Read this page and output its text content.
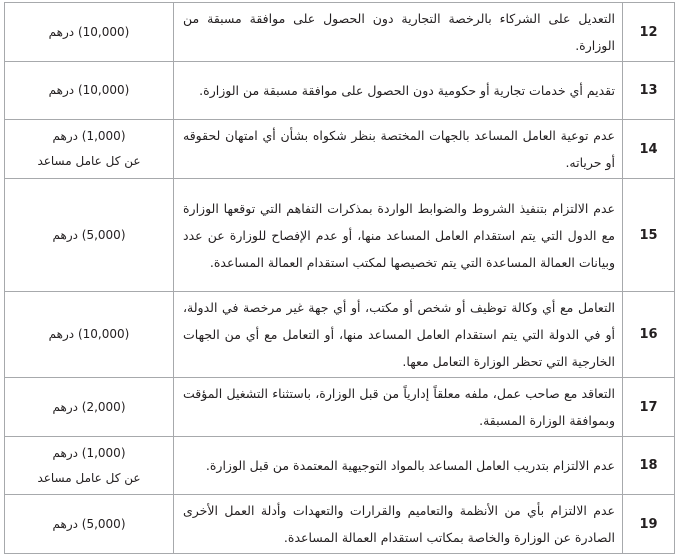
12	التعديل على الشركاء بالرخصة التجارية دون الحصول على موافقة مسبقة من الوزارة.	(10,000) درهم

13	تقديم أي خدمات تجارية أو حكومية دون الحصول على موافقة مسبقة من الوزارة.	(10,000) درهم

14	عدم توعية العامل المساعد بالجهات المختصة بنظر شكواه بشأن أي امتهان لحقوقه أو حرياته.	(1,000) درهم
عن كل عامل مساعد

15	عدم الالتزام بتنفيذ الشروط والضوابط الواردة بمذكرات التفاهم التي توقعها الوزارة مع الدول التي يتم استقدام العامل المساعد منها، أو عدم الإفصاح للوزارة عن عدد وبيانات العمالة المساعدة التي يتم تخصيصها لمكتب استقدام العمالة المساعدة.	(5,000) درهم

16	التعامل مع أي وكالة توظيف أو شخص أو مكتب، أو أي جهة غير مرخصة في الدولة، أو في الدولة التي يتم استقدام العامل المساعد منها، أو التعامل مع أي من الجهات الخارجية التي تحظر الوزارة التعامل معها.	(10,000) درهم

17	التعاقد مع صاحب عمل، ملفه معلقاً إدارياً من قبل الوزارة، باستثناء التشغيل المؤقت وبموافقة الوزارة المسبقة.	(2,000) درهم

18	عدم الالتزام بتدريب العامل المساعد بالمواد التوجيهية المعتمدة من قبل الوزارة.	(1,000) درهم
عن كل عامل مساعد

19	عدم الالتزام بأي من الأنظمة والتعاميم والقرارات والتعهدات وأدلة العمل الأخرى الصادرة عن الوزارة والخاصة بمكاتب استقدام العمالة المساعدة.	(5,000) درهم
